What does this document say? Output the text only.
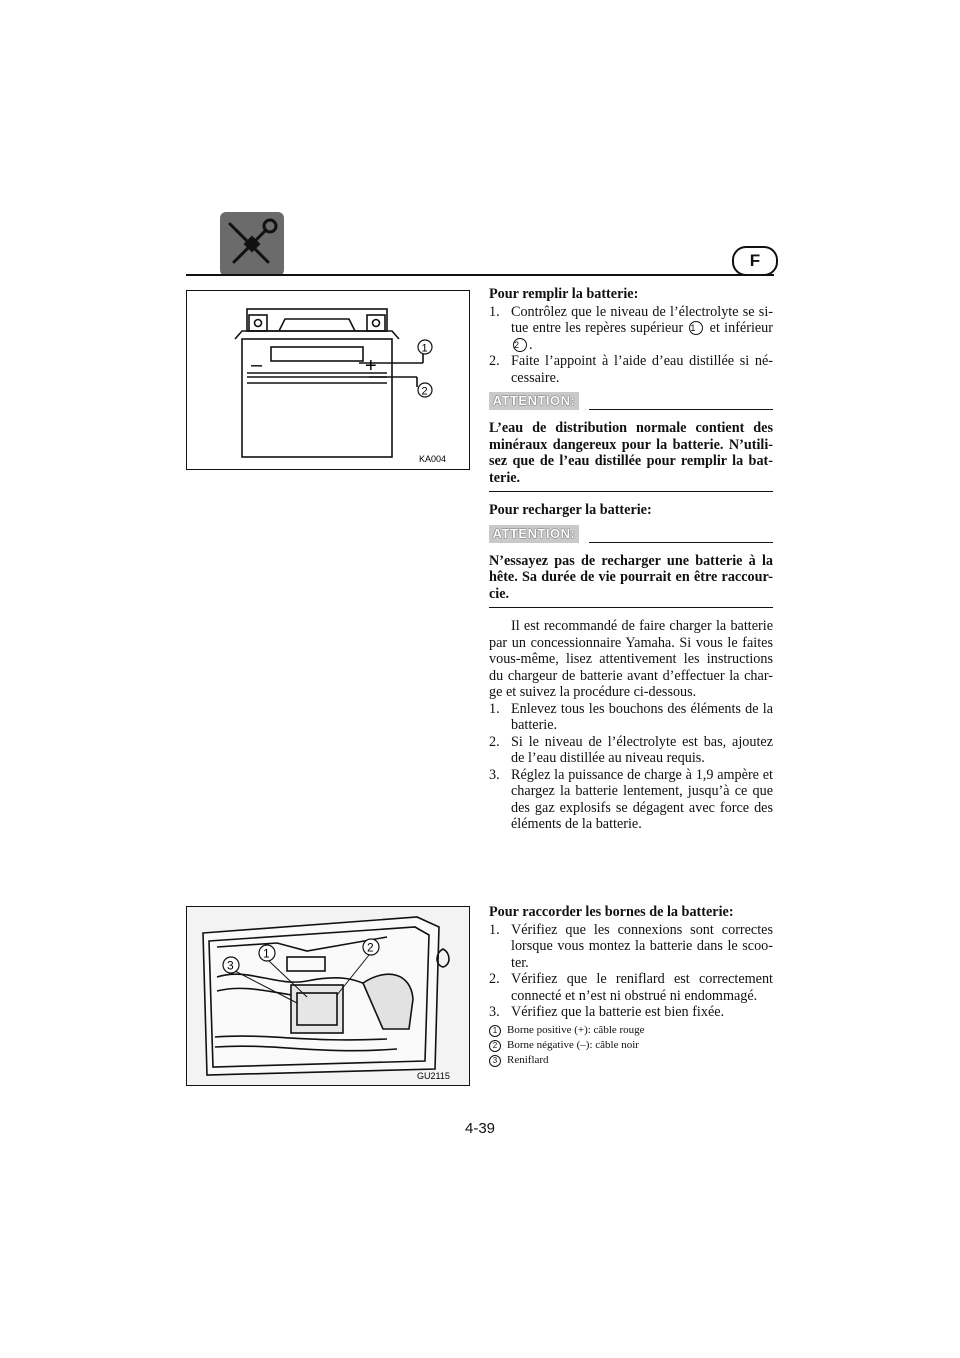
F
–	+
1
2
KA004
3
1	2
GU2115

Pour remplir la batterie:

1. Contrôlez que le niveau de l’électrolyte se si-tue entre les repères supérieur 1 et inférieur 2 .
2. Faite l’appoint à l’aide d’eau distillée si né-cessaire.
ATTENTION:

L’eau de distribution normale contient des minéraux dangereux pour la batterie. N’utili-sez que de l’eau distillée pour remplir la bat-terie.

Pour recharger la batterie:

ATTENTION:

N’essayez pas de recharger une batterie à la hête. Sa durée de vie pourrait en être raccour-cie.

Il est recommandé de faire charger la batterie par un concessionnaire Yamaha. Si vous le faites vous-même, lisez attentivement les instructions du chargeur de batterie avant d’effectuer la char-ge et suivez la procédure ci-dessous.

1. Enlevez tous les bouchons des éléments de la batterie.
2. Si le niveau de l’électrolyte est bas, ajoutez de l’eau distillée au niveau requis.
3. Réglez la puissance de charge à 1,9 ampère et chargez la batterie lentement, jusqu’à ce que des gaz explosifs se dégagent avec force des éléments de la batterie.

Pour raccorder les bornes de la batterie:

1. Vérifiez que les connexions sont correctes lorsque vous montez la batterie dans le scoo-ter.
2. Vérifiez que le reniflard est correctement connecté et n’est ni obstrué ni endommagé.
3. Vérifiez que la batterie est bien fixée.
1 Borne positive (+): câble rouge
2 Borne négative (–): câble noir
3 Reniflard
4-39
